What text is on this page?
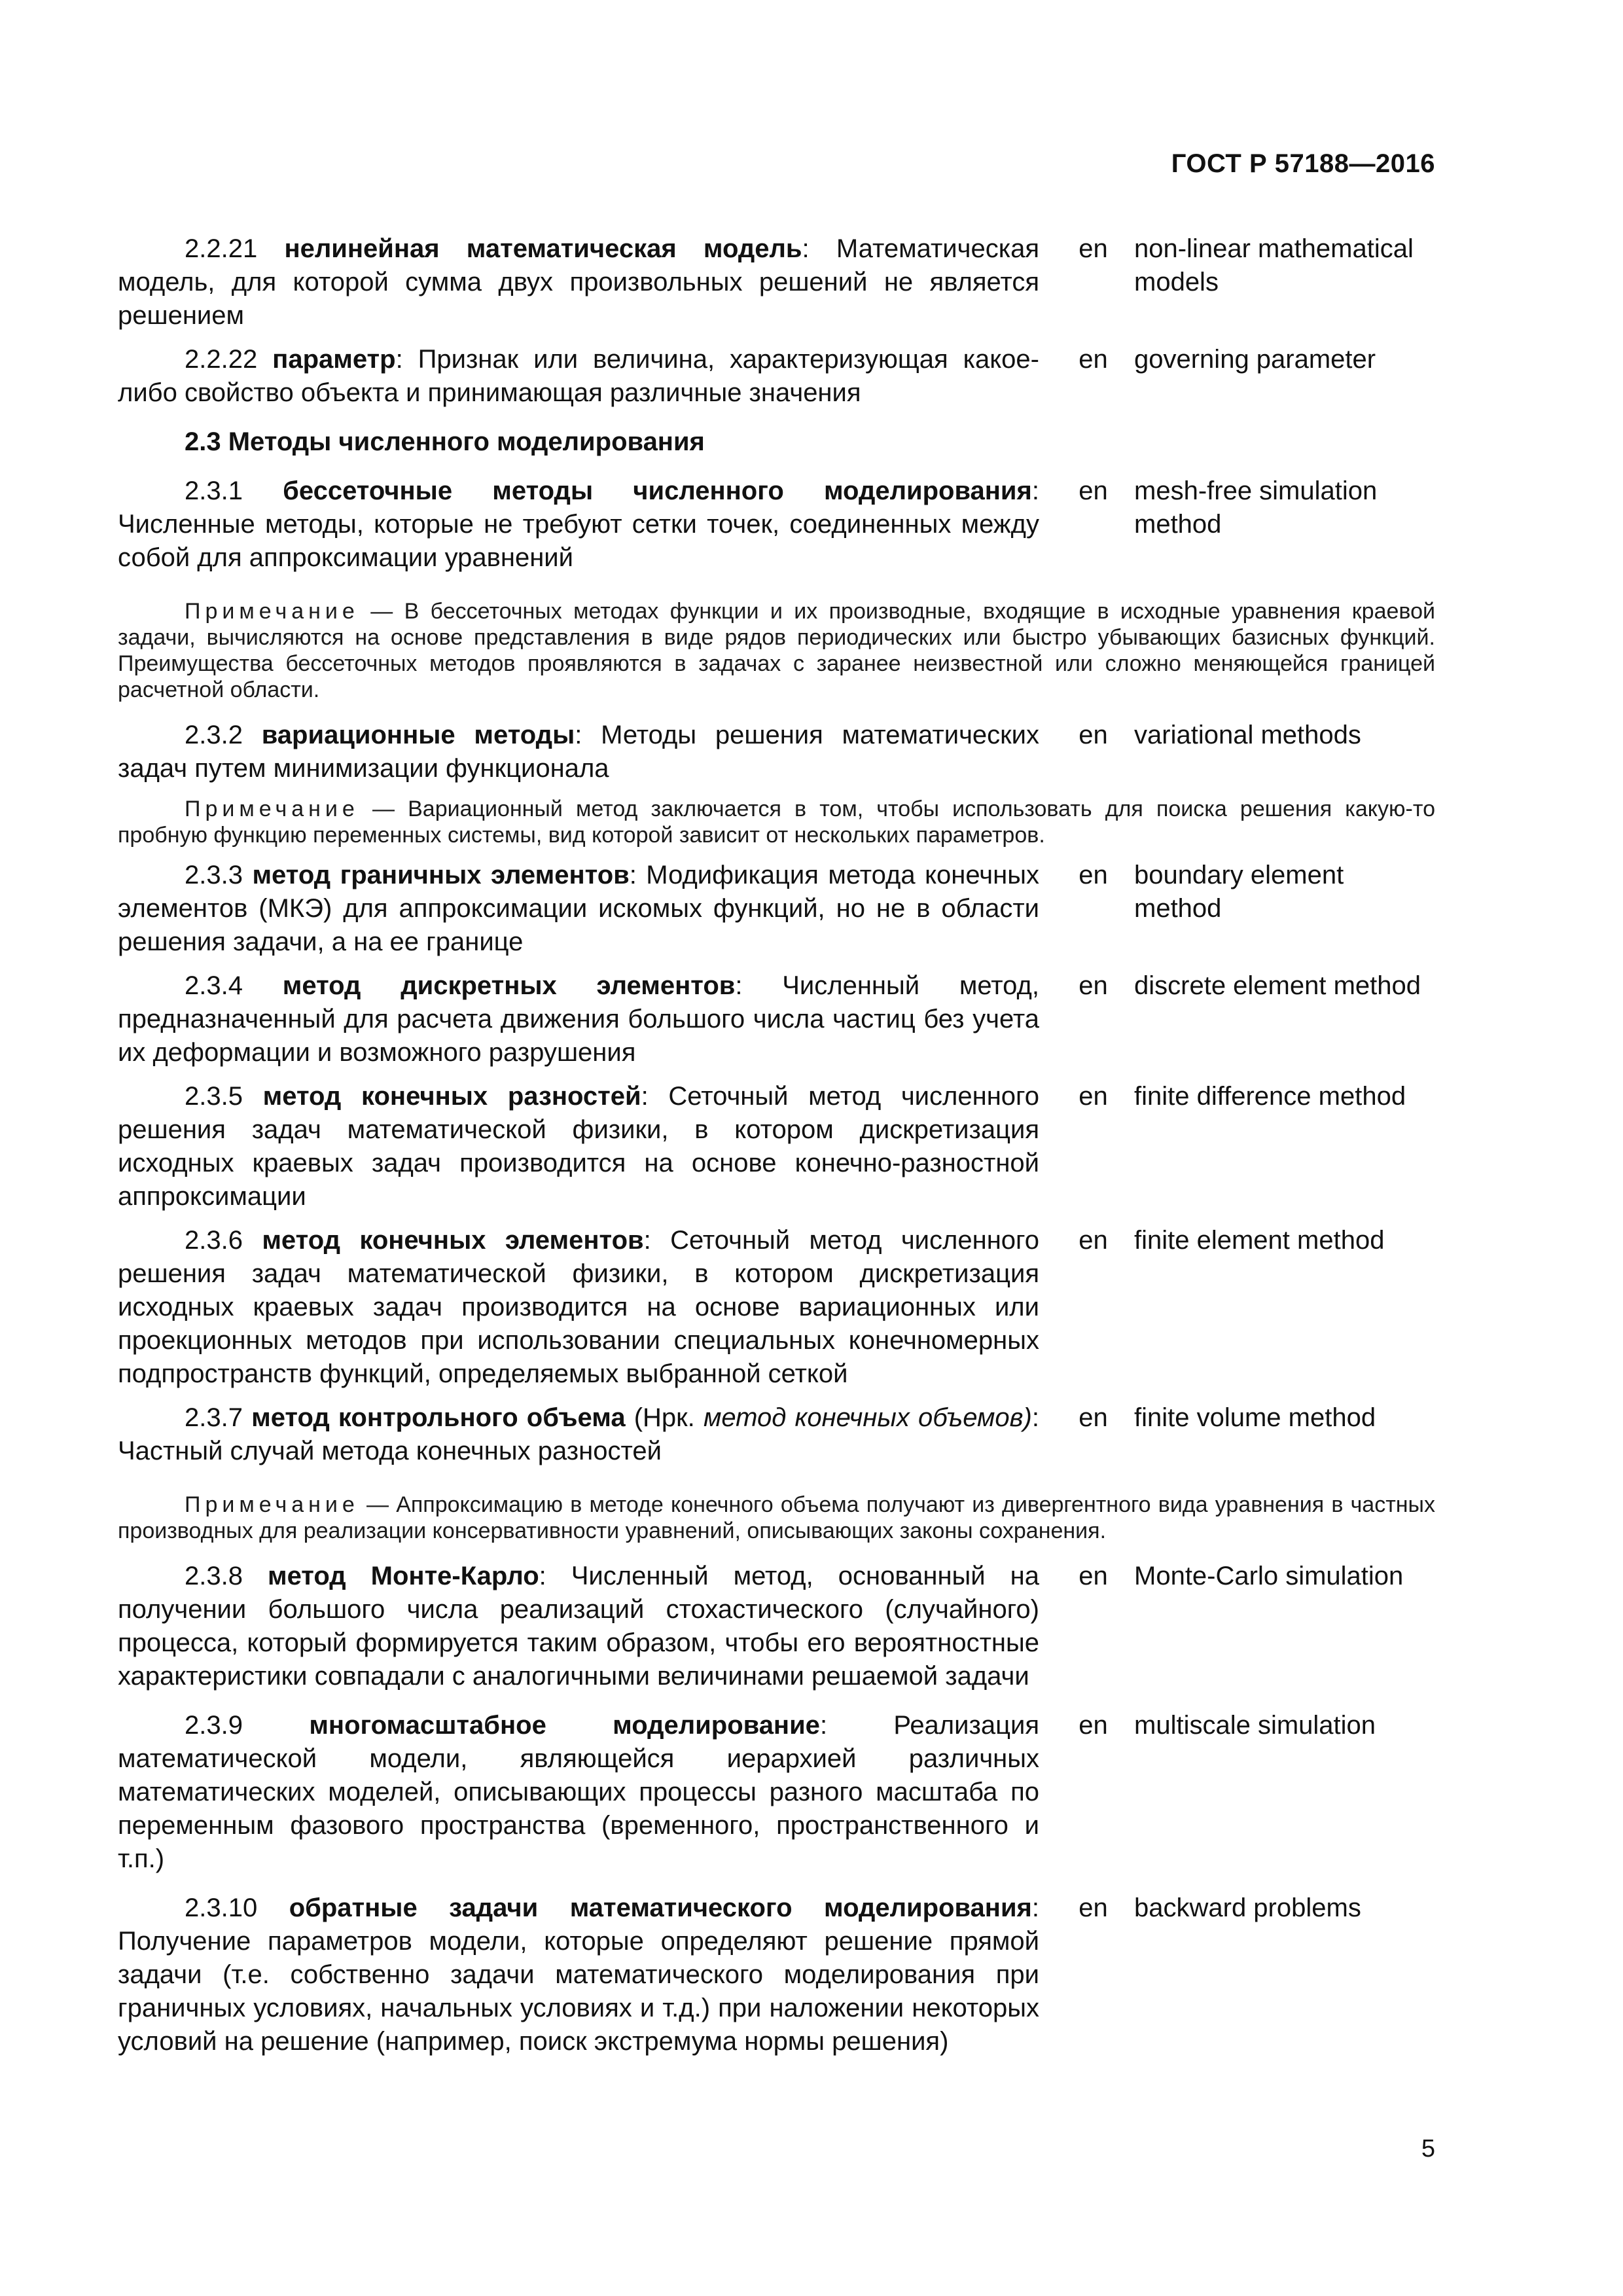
ГОСТ Р 57188—2016
2.2.21 нелинейная математическая модель: Математическая модель, для которой сумма двух произвольных решений не является решением
en	non-linear mathematical models
2.2.22 параметр: Признак или величина, характеризующая какое-либо свойство объекта и принимающая различные значения
en	governing parameter
2.3 Методы численного моделирования
2.3.1 бессеточные методы численного моделирования: Численные методы, которые не требуют сетки точек, соединенных между собой для аппроксимации уравнений
en	mesh-free simulation method
Примечание — В бессеточных методах функции и их производные, входящие в исходные уравнения краевой задачи, вычисляются на основе представления в виде рядов периодических или быстро убывающих базисных функций. Преимущества бессеточных методов проявляются в задачах с заранее неизвестной или сложно меняющейся границей расчетной области.
2.3.2 вариационные методы: Методы решения математических задач путем минимизации функционала
en	variational methods
Примечание — Вариационный метод заключается в том, чтобы использовать для поиска решения какую-то пробную функцию переменных системы, вид которой зависит от нескольких параметров.
2.3.3 метод граничных элементов: Модификация метода конечных элементов (МКЭ) для аппроксимации искомых функций, но не в области решения задачи, а на ее границе
en	boundary element method
2.3.4 метод дискретных элементов: Численный метод, предназначенный для расчета движения большого числа частиц без учета их деформации и возможного разрушения
en	discrete element method
2.3.5 метод конечных разностей: Сеточный метод численного решения задач математической физики, в котором дискретизация исходных краевых задач производится на основе конечно-разностной аппроксимации
en	finite difference method
2.3.6 метод конечных элементов: Сеточный метод численного решения задач математической физики, в котором дискретизация исходных краевых задач производится на основе вариационных или проекционных методов при использовании специальных конечномерных подпространств функций, определяемых выбранной сеткой
en	finite element method
2.3.7 метод контрольного объема (Нрк. метод конечных объемов): Частный случай метода конечных разностей
en	finite volume method
Примечание — Аппроксимацию в методе конечного объема получают из дивергентного вида уравнения в частных производных для реализации консервативности уравнений, описывающих законы сохранения.
2.3.8 метод Монте-Карло: Численный метод, основанный на получении большого числа реализаций стохастического (случайного) процесса, который формируется таким образом, чтобы его вероятностные характеристики совпадали с аналогичными величинами решаемой задачи
en	Monte-Carlo simulation
2.3.9	многомасштабное моделирование: Реализация математической модели, являющейся иерархией различных математических моделей, описывающих процессы разного масштаба по переменным фазового пространства (временного, пространственного и т.п.)
en	multiscale simulation
2.3.10 обратные задачи математического моделирования: Получение параметров модели, которые определяют решение прямой задачи (т.е. собственно задачи математического моделирования при граничных условиях, начальных условиях и т.д.) при наложении некоторых условий на решение (например, поиск экстремума нормы решения)
en	backward problems
5
